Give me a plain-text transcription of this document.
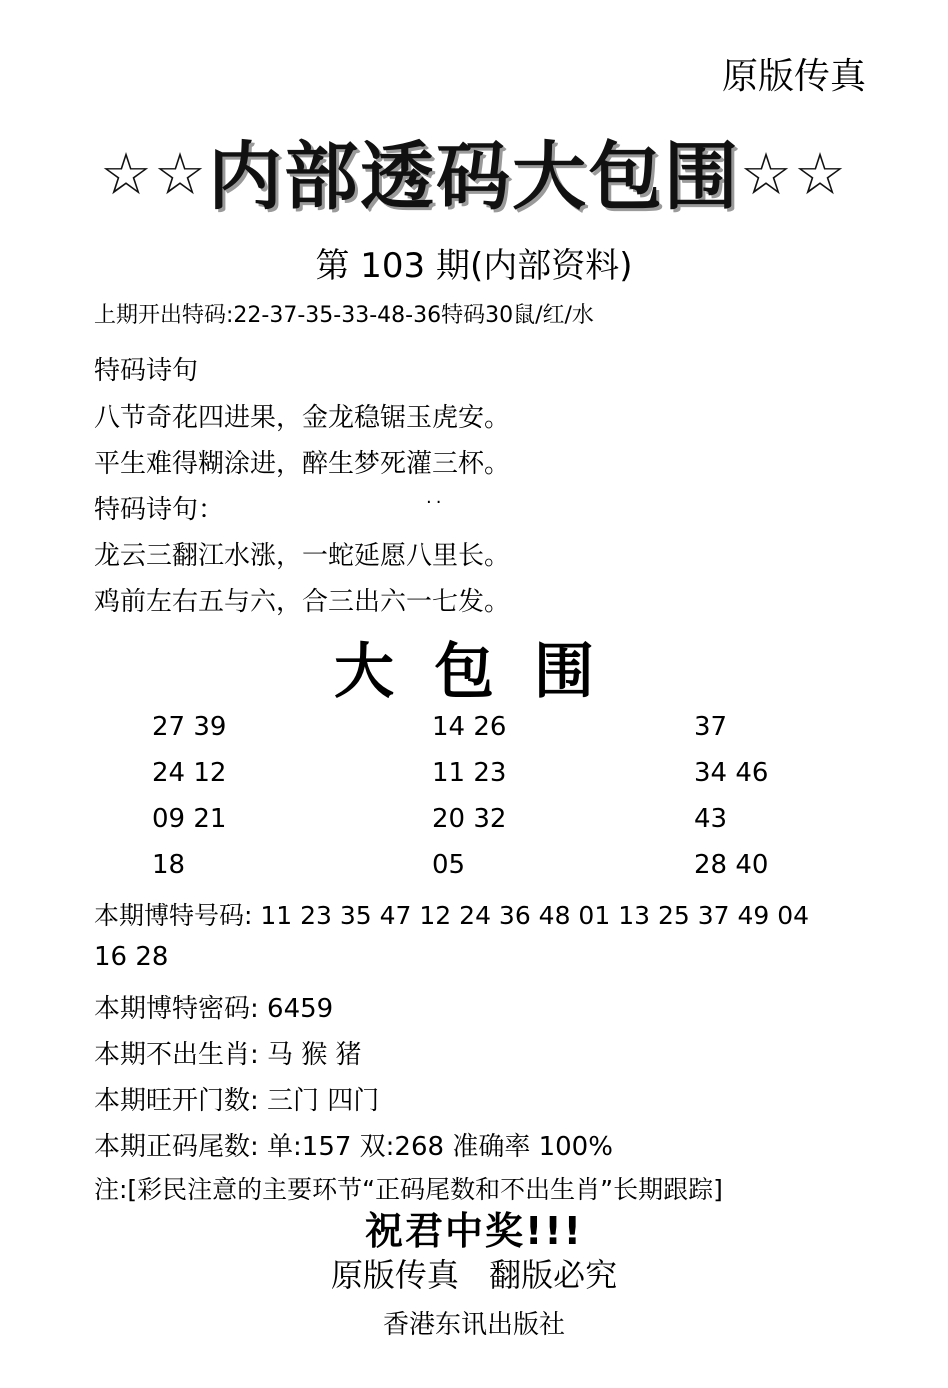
原版传真
☆☆内部透码大包围☆☆
第 103 期(内部资料)
上期开出特码:22-37-35-33-48-36特码30鼠/红/水
特码诗句
八节奇花四进果，金龙稳锯玉虎安。
平生难得糊涂进，醉生梦死灌三杯。
特码诗句：	··
龙云三翻江水涨，一蛇延愿八里长。
鸡前左右五与六，合三出六一七发。
大包围
27 39
24 12
09 21
18
14 26
11 23
20 32
05
37
34 46
43
28 40
本期博特号码: 11 23 35 47 12 24 36 48 01 13 25 37 49 04
16 28
本期博特密码: 6459
本期不出生肖: 马 猴 猪
本期旺开门数: 三门 四门
本期正码尾数: 单:157 双:268 准确率 100%
注:[彩民注意的主要环节“正码尾数和不出生肖”长期跟踪]
祝君中奖!!!
原版传真 翻版必究
香港东讯出版社
